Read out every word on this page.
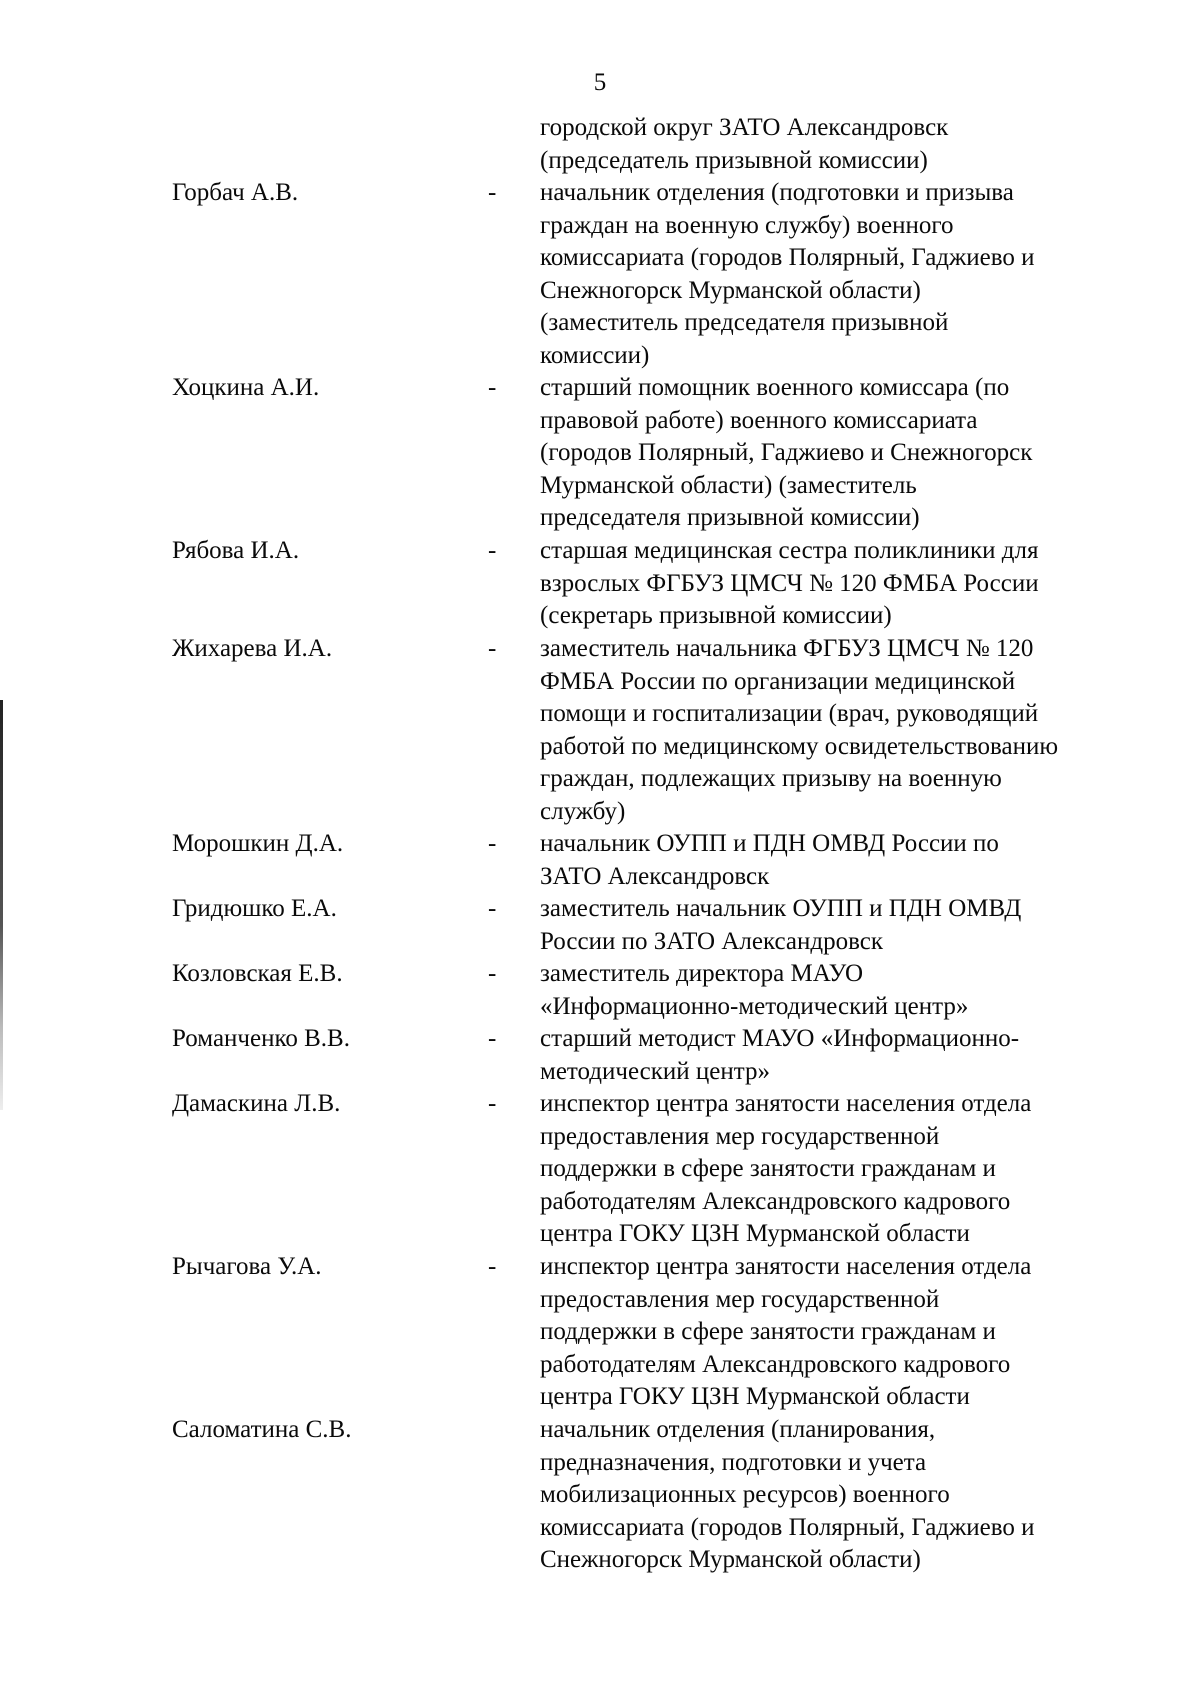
5
городской округ ЗАТО Александровск
(председатель призывной комиссии)
Горбач А.В.	- начальник отделения (подготовки и призыва
граждан на военную службу) военного
комиссариата (городов Полярный, Гаджиево и
Снежногорск Мурманской области)
(заместитель председателя призывной
комиссии)
Хоцкина А.И.	- старший помощник военного комиссара (по
правовой работе) военного комиссариата
(городов Полярный, Гаджиево и Снежногорск
Мурманской области) (заместитель
председателя призывной комиссии)
Рябова И.А.	- старшая медицинская сестра поликлиники для
взрослых ФГБУЗ ЦМСЧ № 120 ФМБА России
(секретарь призывной комиссии)
Жихарева И.А.	- заместитель начальника ФГБУЗ ЦМСЧ № 120
ФМБА России по организации медицинской
помощи и госпитализации (врач, руководящий
работой по медицинскому освидетельствованию
граждан, подлежащих призыву на военную
службу)
Морошкин Д.А.	- начальник ОУПП и ПДН ОМВД России по
ЗАТО Александровск
Гридюшко Е.А.	- заместитель начальник ОУПП и ПДН ОМВД
России по ЗАТО Александровск
Козловская Е.В.	- заместитель директора МАУО
«Информационно-методический центр»
Романченко В.В.	- старший методист МАУО «Информационно-
методический центр»
Дамаскина Л.В.	- инспектор центра занятости населения отдела
предоставления мер государственной
поддержки в сфере занятости гражданам и
работодателям Александровского кадрового
центра ГОКУ ЦЗН Мурманской области
Рычагова У.А.	- инспектор центра занятости населения отдела
предоставления мер государственной
поддержки в сфере занятости гражданам и
работодателям Александровского кадрового
центра ГОКУ ЦЗН Мурманской области
Саломатина С.В.	начальник отделения (планирования,
предназначения, подготовки и учета
мобилизационных ресурсов) военного
комиссариата (городов Полярный, Гаджиево и
Снежногорск Мурманской области)
